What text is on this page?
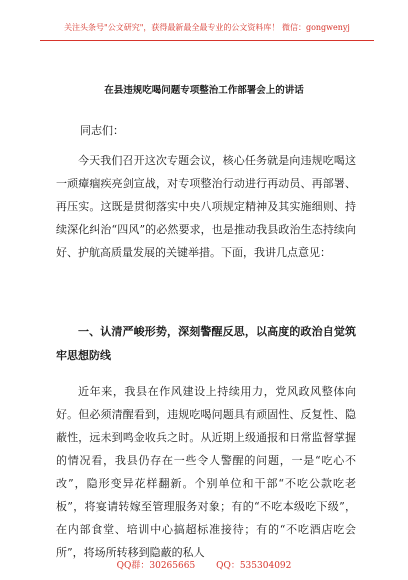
关注头条号"公文研究"，获得最新最全最专业的公文资料库！ 微信：gongwenyj
在县违规吃喝问题专项整治工作部署会上的讲话
同志们：
今天我们召开这次专题会议，核心任务就是向违规吃喝这一顽瘴痼疾亮剑宣战，对专项整治行动进行再动员、再部署、再压实。这既是贯彻落实中央八项规定精神及其实施细则、持续深化纠治“四风”的必然要求，也是推动我县政治生态持续向好、护航高质量发展的关键举措。下面，我讲几点意见：
一、认清严峻形势，深刻警醒反思，以高度的政治自觉筑牢思想防线
近年来，我县在作风建设上持续用力，党风政风整体向好。但必须清醒看到，违规吃喝问题具有顽固性、反复性、隐蔽性，远未到鸣金收兵之时。从近期上级通报和日常监督掌握的情况看，我县仍存在一些令人警醒的问题，一是“吃心不改”，隐形变异花样翻新。个别单位和干部“不吃公款吃老板”，将宴请转嫁至管理服务对象；有的“不吃本级吃下级”，在内部食堂、培训中心搞超标准接待；有的“不吃酒店吃会所”，将场所转移到隐蔽的私人
QQ群：30265665 QQ：535304092
